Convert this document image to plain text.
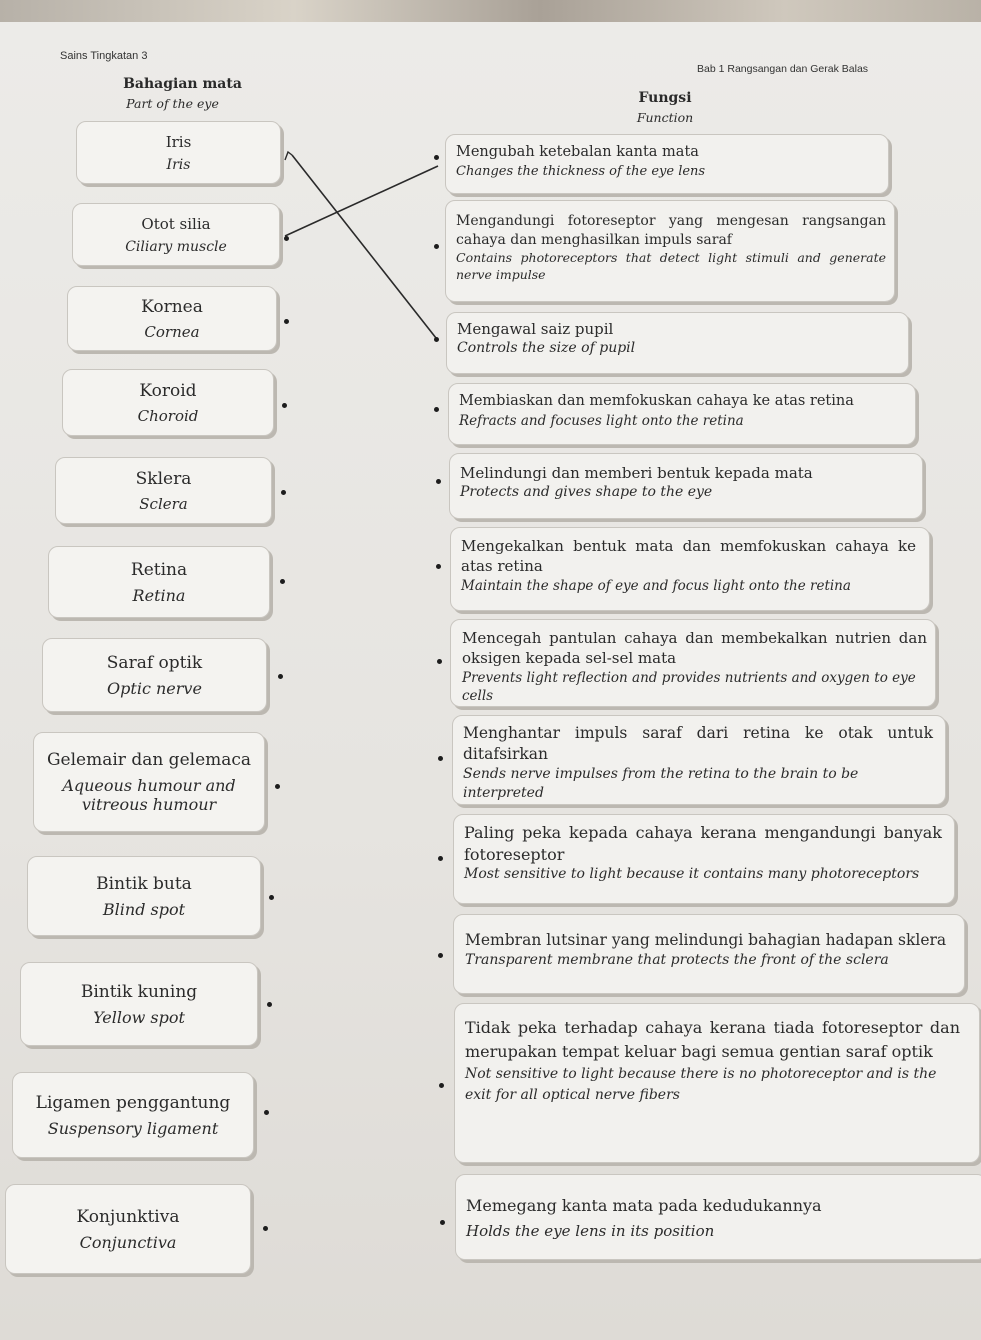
Sains Tingkatan 3
Bab 1 Rangsangan dan Gerak Balas
Bahagian mata
Part of the eye	Fungsi
Function
Iris
Iris
Otot silia
Ciliary muscle
Kornea
Cornea
Koroid
Choroid
Sklera
Sclera
Retina
Retina
Saraf optik
Optic nerve
Gelemair dan gelemaca
Aqueous humour and vitreous humour
Bintik buta
Blind spot
Bintik kuning
Yellow spot
Ligamen penggantung
Suspensory ligament
Konjunktiva
Conjunctiva
Mengubah ketebalan kanta mata
Changes the thickness of the eye lens
Mengandungi fotoreseptor yang mengesan rangsangan cahaya dan menghasilkan impuls saraf
Contains photoreceptors that detect light stimuli and generate nerve impulse
Mengawal saiz pupil
Controls the size of pupil
Membiaskan dan memfokuskan cahaya ke atas retina
Refracts and focuses light onto the retina
Melindungi dan memberi bentuk kepada mata
Protects and gives shape to the eye
Mengekalkan bentuk mata dan memfokuskan cahaya ke atas retina
Maintain the shape of eye and focus light onto the retina
Mencegah pantulan cahaya dan membekalkan nutrien dan oksigen kepada sel-sel mata
Prevents light reflection and provides nutrients and oxygen to eye cells
Menghantar impuls saraf dari retina ke otak untuk ditafsirkan
Sends nerve impulses from the retina to the brain to be interpreted
Paling peka kepada cahaya kerana mengandungi banyak fotoreseptor
Most sensitive to light because it contains many photoreceptors
Membran lutsinar yang melindungi bahagian hadapan sklera
Transparent membrane that protects the front of the sclera
Tidak peka terhadap cahaya kerana tiada fotoreseptor dan merupakan tempat keluar bagi semua gentian saraf optik
Not sensitive to light because there is no photoreceptor and is the exit for all optical nerve fibers
Memegang kanta mata pada kedudukannya
Holds the eye lens in its position
